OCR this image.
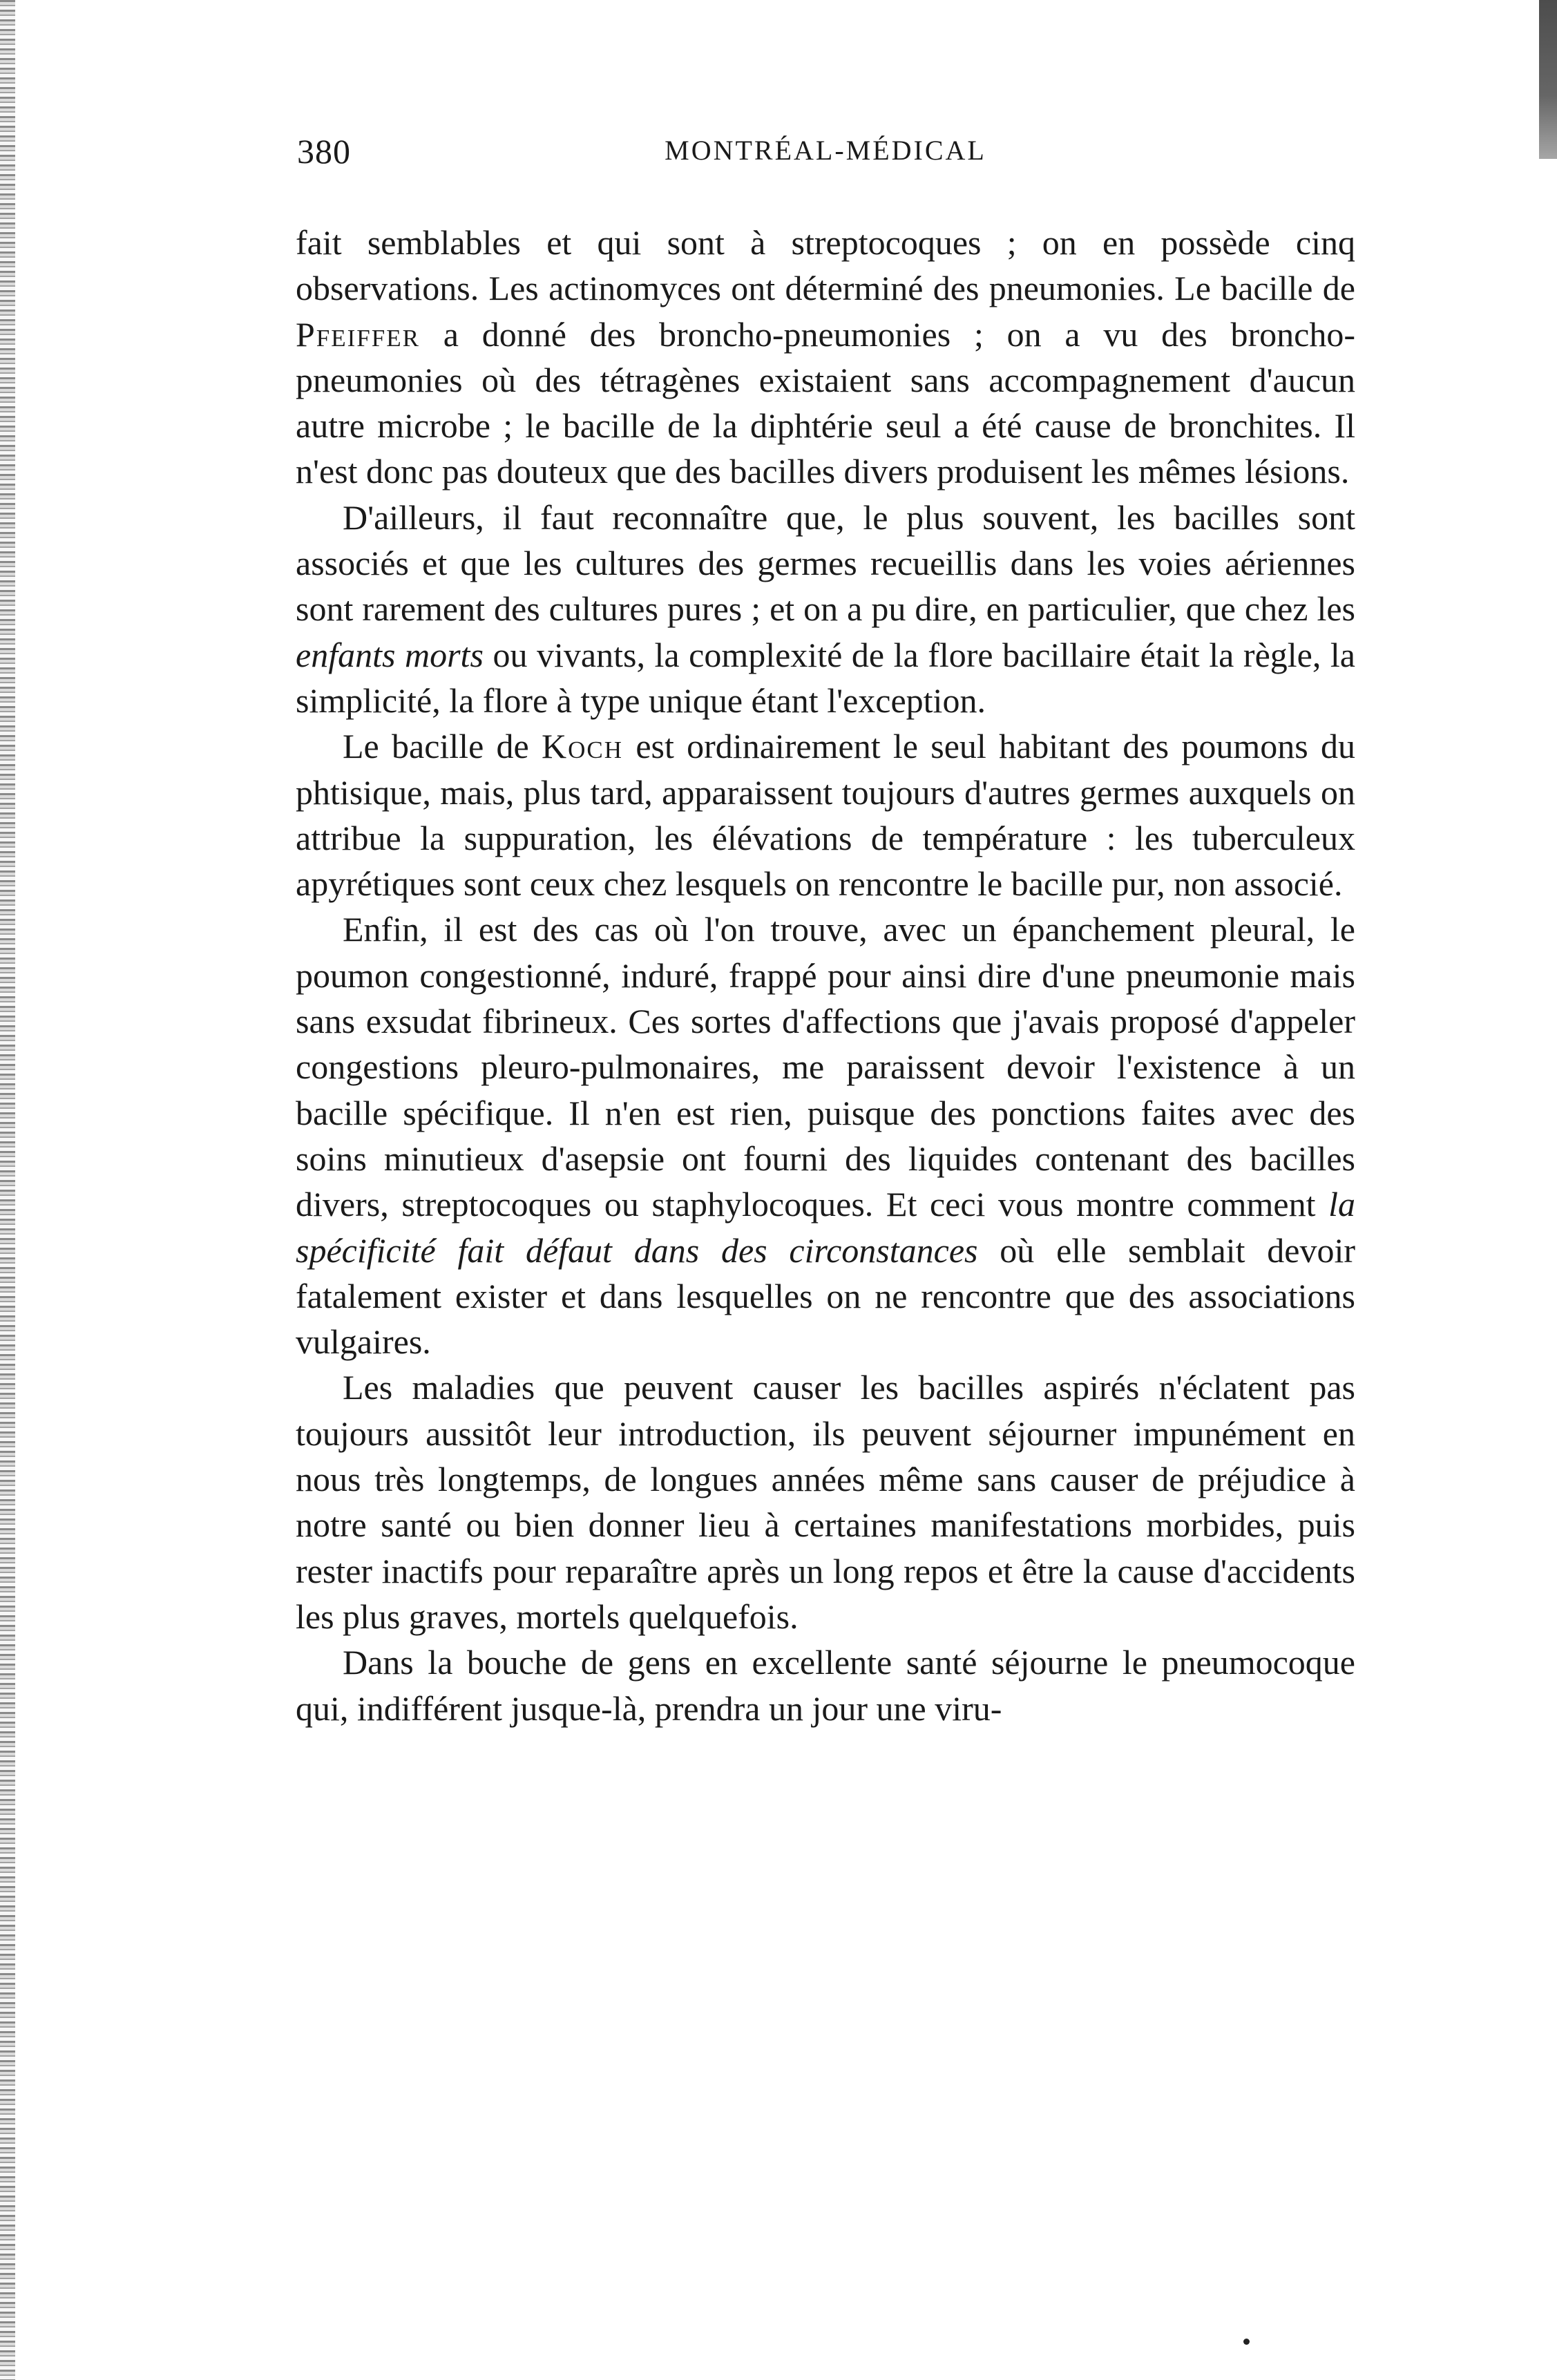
380	MONTRÉAL-MÉDICAL

fait semblables et qui sont à streptocoques ; on en possède cinq observations. Les actinomyces ont déterminé des pneumonies. Le bacille de Pfeiffer a donné des broncho-pneumonies ; on a vu des broncho-pneumonies où des tétragènes existaient sans accompagnement d'aucun autre microbe ; le bacille de la diphtérie seul a été cause de bronchites. Il n'est donc pas douteux que des bacilles divers produisent les mêmes lésions.

D'ailleurs, il faut reconnaître que, le plus souvent, les bacilles sont associés et que les cultures des germes recueillis dans les voies aériennes sont rarement des cultures pures ; et on a pu dire, en particulier, que chez les enfants morts ou vivants, la complexité de la flore bacillaire était la règle, la simplicité, la flore à type unique étant l'exception.

Le bacille de Koch est ordinairement le seul habitant des poumons du phtisique, mais, plus tard, apparaissent toujours d'autres germes auxquels on attribue la suppuration, les élévations de température : les tuberculeux apyrétiques sont ceux chez lesquels on rencontre le bacille pur, non associé.

Enfin, il est des cas où l'on trouve, avec un épanchement pleural, le poumon congestionné, induré, frappé pour ainsi dire d'une pneumonie mais sans exsudat fibrineux. Ces sortes d'affections que j'avais proposé d'appeler congestions pleuro-pulmonaires, me paraissent devoir l'existence à un bacille spécifique. Il n'en est rien, puisque des ponctions faites avec des soins minutieux d'asepsie ont fourni des liquides contenant des bacilles divers, streptocoques ou staphylocoques. Et ceci vous montre comment la spécificité fait défaut dans des circonstances où elle semblait devoir fatalement exister et dans lesquelles on ne rencontre que des associations vulgaires.

Les maladies que peuvent causer les bacilles aspirés n'éclatent pas toujours aussitôt leur introduction, ils peuvent séjourner impunément en nous très longtemps, de longues années même sans causer de préjudice à notre santé ou bien donner lieu à certaines manifestations morbides, puis rester inactifs pour reparaître après un long repos et être la cause d'accidents les plus graves, mortels quelquefois.

Dans la bouche de gens en excellente santé séjourne le pneumocoque qui, indifférent jusque-là, prendra un jour une viru-
